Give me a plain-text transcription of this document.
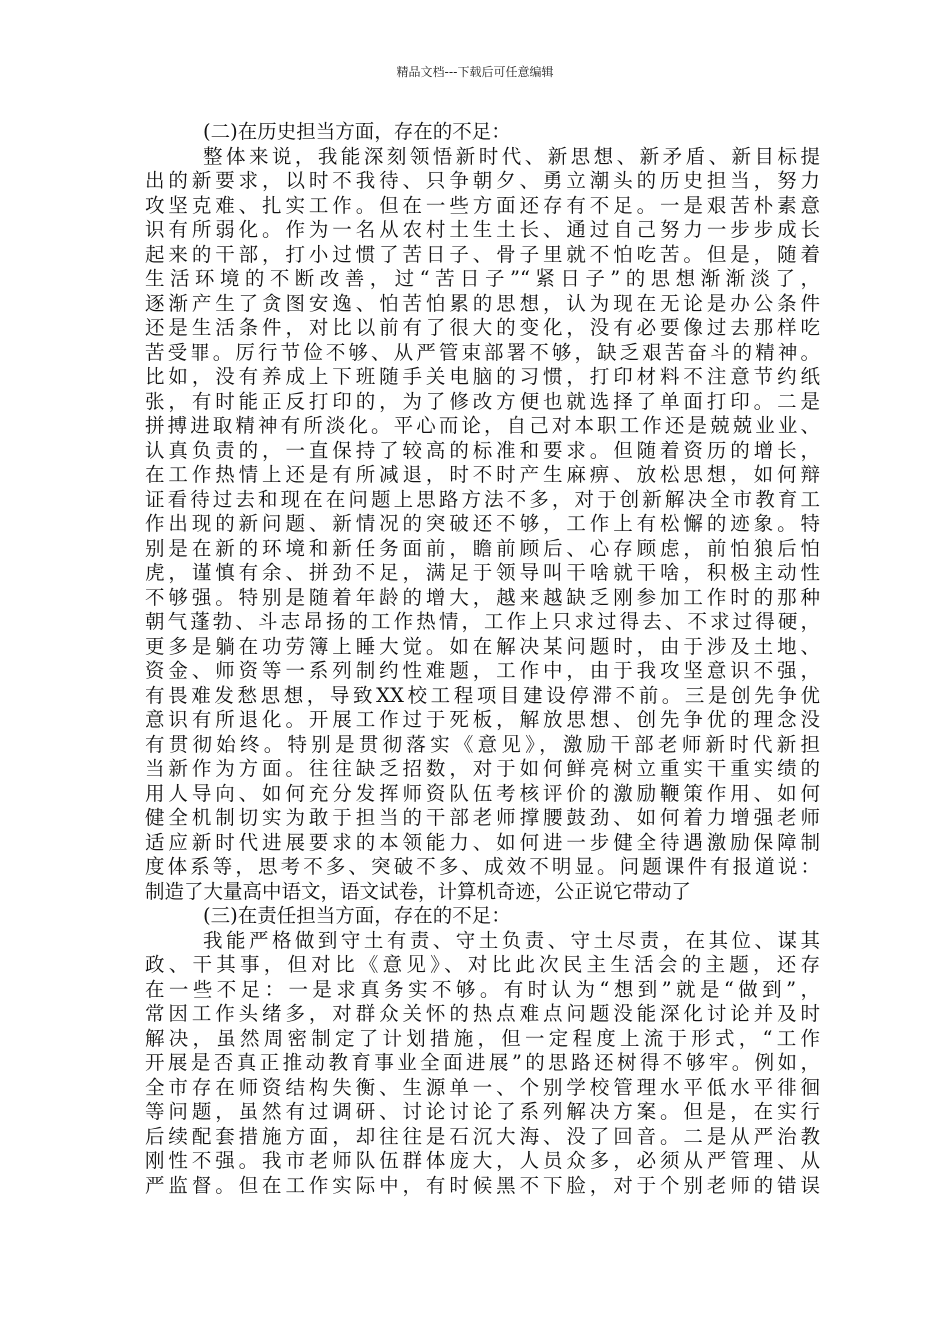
精品文档---下载后可任意编辑
(二)在历史担当方面，存在的不足：
整体来说，我能深刻领悟新时代、新思想、新矛盾、新目标提
出的新要求，以时不我待、只争朝夕、勇立潮头的历史担当，努力
攻坚克难、扎实工作。但在一些方面还存有不足。一是艰苦朴素意
识有所弱化。作为一名从农村土生土长、通过自己努力一步步成长
起来的干部，打小过惯了苦日子、骨子里就不怕吃苦。但是，随着
生活环境的不断改善，过“苦日子”“紧日子”的思想渐渐淡了，
逐渐产生了贪图安逸、怕苦怕累的思想，认为现在无论是办公条件
还是生活条件，对比以前有了很大的变化，没有必要像过去那样吃
苦受罪。厉行节俭不够、从严管束部署不够，缺乏艰苦奋斗的精神。
比如，没有养成上下班随手关电脑的习惯，打印材料不注意节约纸
张，有时能正反打印的，为了修改方便也就选择了单面打印。二是
拼搏进取精神有所淡化。平心而论，自己对本职工作还是兢兢业业、
认真负责的，一直保持了较高的标准和要求。但随着资历的增长，
在工作热情上还是有所减退，时不时产生麻痹、放松思想，如何辩
证看待过去和现在在问题上思路方法不多，对于创新解决全市教育工
作出现的新问题、新情况的突破还不够，工作上有松懈的迹象。特
别是在新的环境和新任务面前，瞻前顾后、心存顾虑，前怕狼后怕
虎，谨慎有余、拼劲不足，满足于领导叫干啥就干啥，积极主动性
不够强。特别是随着年龄的增大，越来越缺乏刚参加工作时的那种
朝气蓬勃、斗志昂扬的工作热情，工作上只求过得去、不求过得硬，
更多是躺在功劳簿上睡大觉。如在解决某问题时，由于涉及土地、
资金、师资等一系列制约性难题，工作中，由于我攻坚意识不强，
有畏难发愁思想，导致XX校工程项目建设停滞不前。三是创先争优
意识有所退化。开展工作过于死板，解放思想、创先争优的理念没
有贯彻始终。特别是贯彻落实《意见》，激励干部老师新时代新担
当新作为方面。往往缺乏招数，对于如何鲜亮树立重实干重实绩的
用人导向、如何充分发挥师资队伍考核评价的激励鞭策作用、如何
健全机制切实为敢于担当的干部老师撑腰鼓劲、如何着力增强老师
适应新时代进展要求的本领能力、如何进一步健全待遇激励保障制
度体系等，思考不多、突破不多、成效不明显。问题课件有报道说：
制造了大量高中语文，语文试卷，计算机奇迹，公正说它带动了
(三)在责任担当方面，存在的不足：
我能严格做到守土有责、守土负责、守土尽责，在其位、谋其
政、干其事，但对比《意见》、对比此次民主生活会的主题，还存
在一些不足：一是求真务实不够。有时认为“想到”就是“做到”，
常因工作头绪多，对群众关怀的热点难点问题没能深化讨论并及时
解决，虽然周密制定了计划措施，但一定程度上流于形式，“工作
开展是否真正推动教育事业全面进展”的思路还树得不够牢。例如，
全市存在师资结构失衡、生源单一、个别学校管理水平低水平徘徊
等问题，虽然有过调研、讨论讨论了系列解决方案。但是，在实行
后续配套措施方面，却往往是石沉大海、没了回音。二是从严治教
刚性不强。我市老师队伍群体庞大，人员众多，必须从严管理、从
严监督。但在工作实际中，有时候黑不下脸，对于个别老师的错误
